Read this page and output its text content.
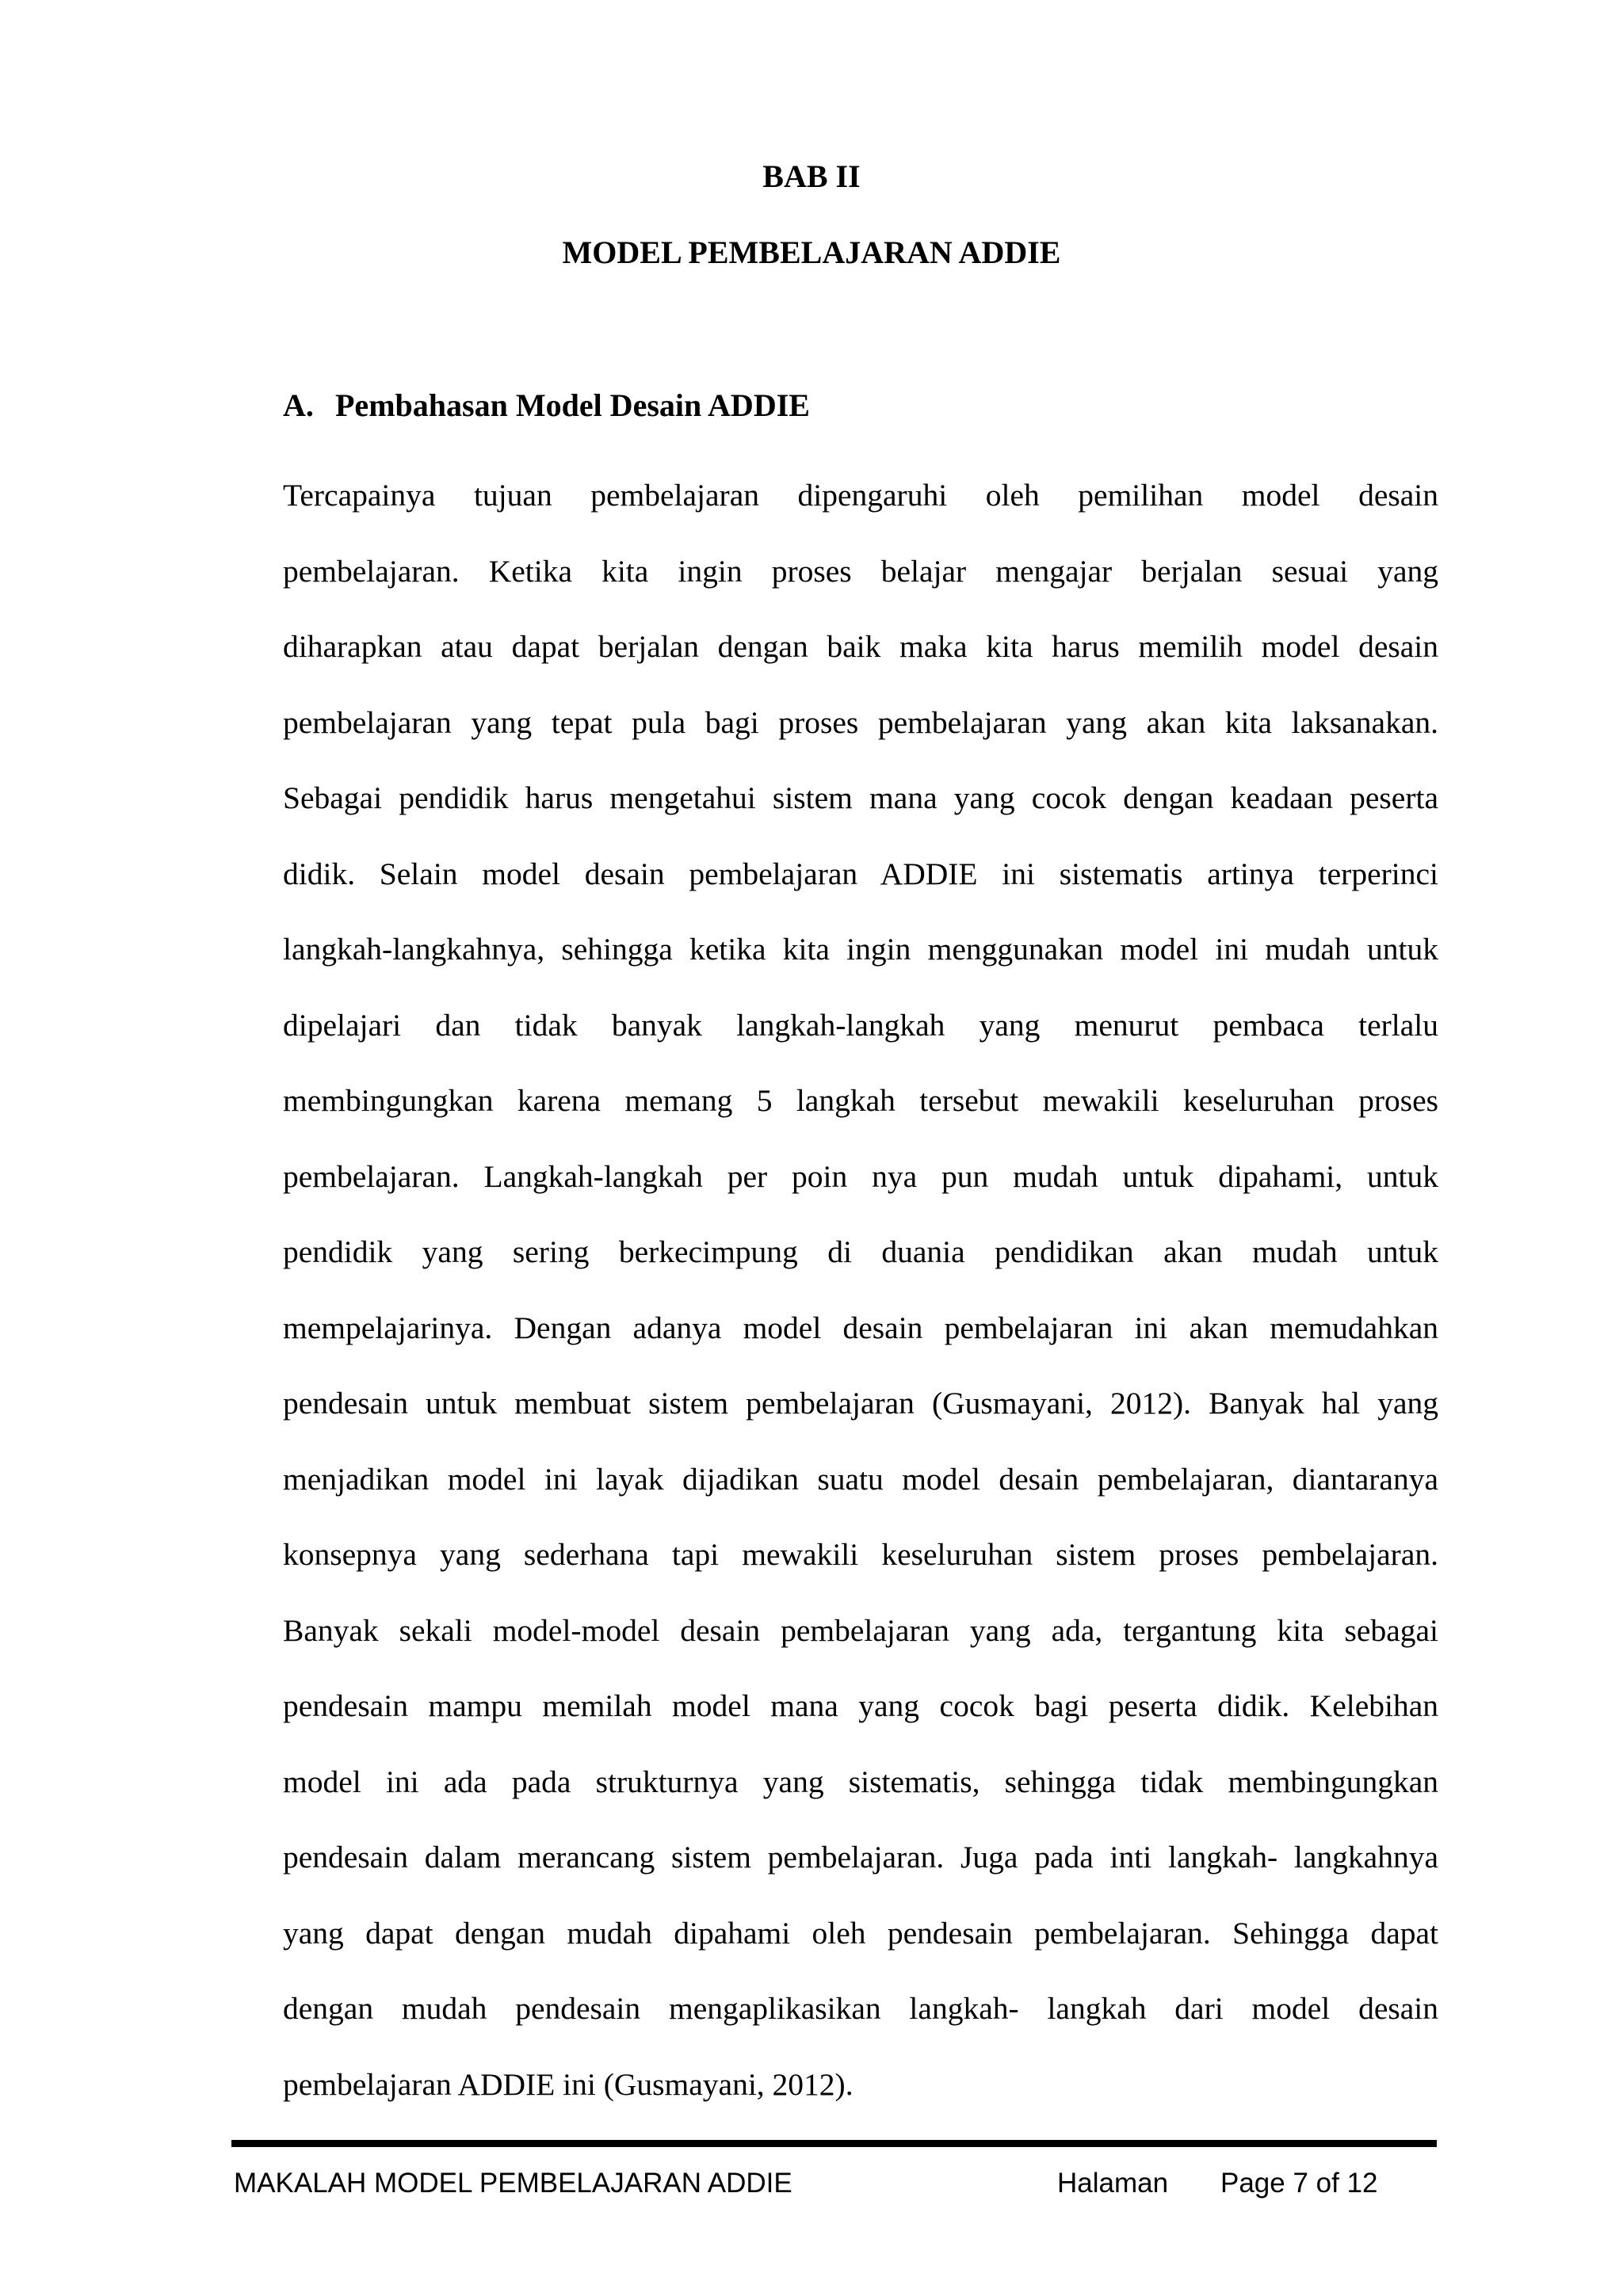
BAB II
MODEL PEMBELAJARAN ADDIE
A. Pembahasan Model Desain ADDIE
Tercapainya tujuan pembelajaran dipengaruhi oleh pemilihan model desain
pembelajaran. Ketika kita ingin proses belajar mengajar berjalan sesuai yang
diharapkan atau dapat berjalan dengan baik maka kita harus memilih model desain
pembelajaran yang tepat pula bagi proses pembelajaran yang akan kita laksanakan.
Sebagai pendidik harus mengetahui sistem mana yang cocok dengan keadaan peserta
didik. Selain model desain pembelajaran ADDIE ini sistematis artinya terperinci
langkah-langkahnya, sehingga ketika kita ingin menggunakan model ini mudah untuk
dipelajari dan tidak banyak langkah-langkah yang menurut pembaca terlalu
membingungkan karena memang 5 langkah tersebut mewakili keseluruhan proses
pembelajaran. Langkah-langkah per poin nya pun mudah untuk dipahami, untuk
pendidik yang sering berkecimpung di duania pendidikan akan mudah untuk
mempelajarinya. Dengan adanya model desain pembelajaran ini akan memudahkan
pendesain untuk membuat sistem pembelajaran (Gusmayani, 2012). Banyak hal yang
menjadikan model ini layak dijadikan suatu model desain pembelajaran, diantaranya
konsepnya yang sederhana tapi mewakili keseluruhan sistem proses pembelajaran.
Banyak sekali model-model desain pembelajaran yang ada, tergantung kita sebagai
pendesain mampu memilah model mana yang cocok bagi peserta didik. Kelebihan
model ini ada pada strukturnya yang sistematis, sehingga tidak membingungkan
pendesain dalam merancang sistem pembelajaran. Juga pada inti langkah- langkahnya
yang dapat dengan mudah dipahami oleh pendesain pembelajaran. Sehingga dapat
dengan mudah pendesain mengaplikasikan langkah- langkah dari model desain
pembelajaran ADDIE ini (Gusmayani, 2012).
MAKALAH MODEL PEMBELAJARAN ADDIE	Halaman Page 7 of 12
